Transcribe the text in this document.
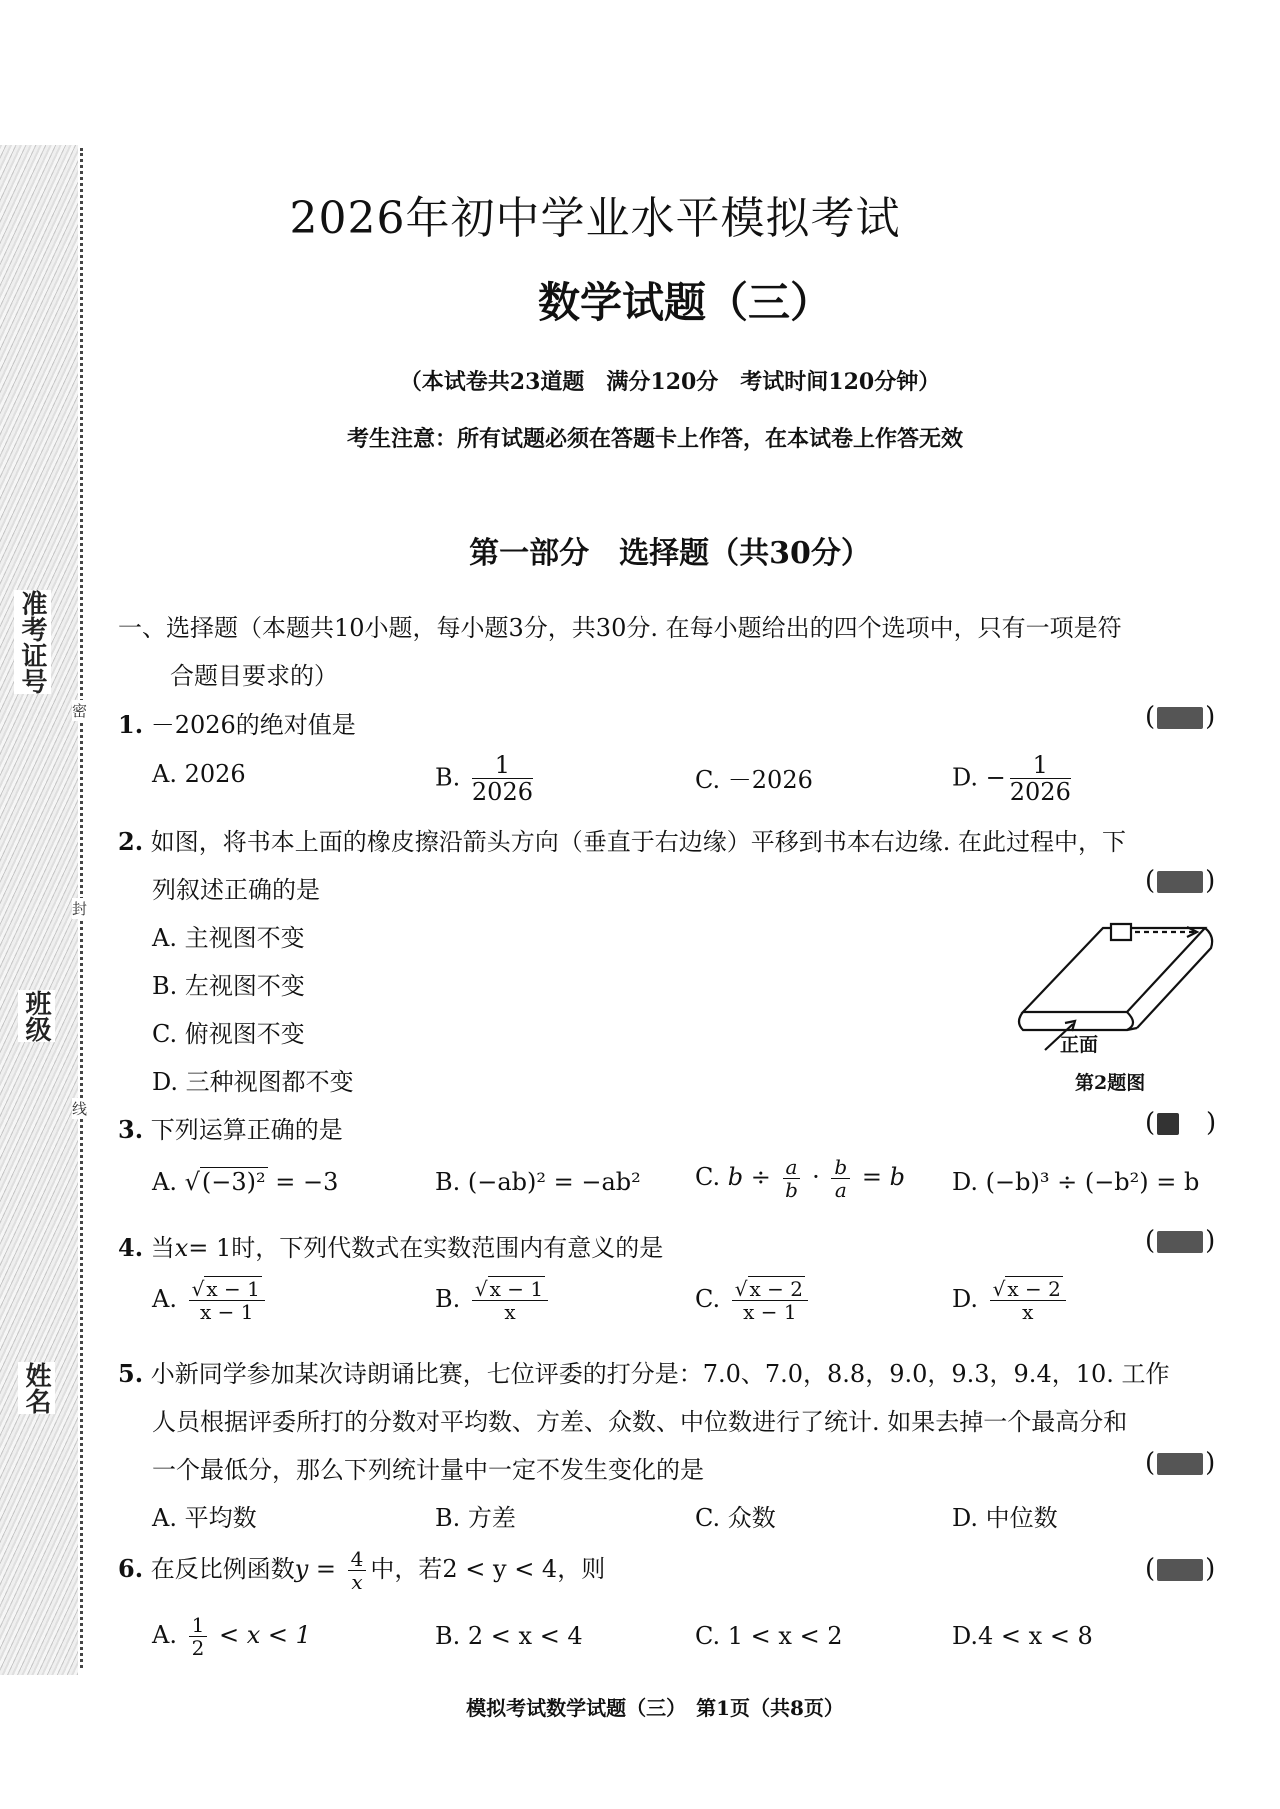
准考证号
班级
姓名
密
封
线
2026年初中学业水平模拟考试
数学试题（三）
（本试卷共23道题　满分120分　考试时间120分钟）
考生注意：所有试题必须在答题卡上作答，在本试卷上作答无效
第一部分　选择题（共30分）
一、选择题（本题共10小题，每小题3分，共30分. 在每小题给出的四个选项中，只有一项是符
合题目要求的）
1. －2026的绝对值是	( )
A. 2026	B. $\frac{1}{2026}$	C. －2026	D. − $\frac{1}{2026}$
2. 如图，将书本上面的橡皮擦沿箭头方向（垂直于右边缘）平移到书本右边缘. 在此过程中，下
列叙述正确的是	( )
A. 主视图不变
B. 左视图不变
C. 俯视图不变
D. 三种视图都不变
正面
第2题图
3. 下列运算正确的是	( )
A. √(−3)² = −3	B. (−ab)² = −ab² C. $b \div \frac{a}{b} \cdot \frac{b}{a} = b$ D. (−b)³ ÷ (−b²) = b
4. 当x= 1时，下列代数式在实数范围内有意义的是	( )
A. $\frac{√ x - 1}{x - 1}$	B. $\frac{√ x - 1}{x}$	C. $\frac{√ x - 2}{x - 1}$	D. $\frac{√ x - 2}{x}$
5. 小新同学参加某次诗朗诵比赛，七位评委的打分是：7.0、7.0，8.8，9.0，9.3，9.4，10. 工作
人员根据评委所打的分数对平均数、方差、众数、中位数进行了统计. 如果去掉一个最高分和
一个最低分，那么下列统计量中一定不发生变化的是	( )
A. 平均数	B. 方差	C. 众数	D. 中位数
6. 在反比例函数$y = \frac{4}{x}$ 中，若2 < y < 4，则	( )
A. $\frac{1}{2} < x < 1$	B. 2 < x < 4	C. 1 < x < 2	D.4 < x < 8
模拟考试数学试题（三）　第1页（共8页）
